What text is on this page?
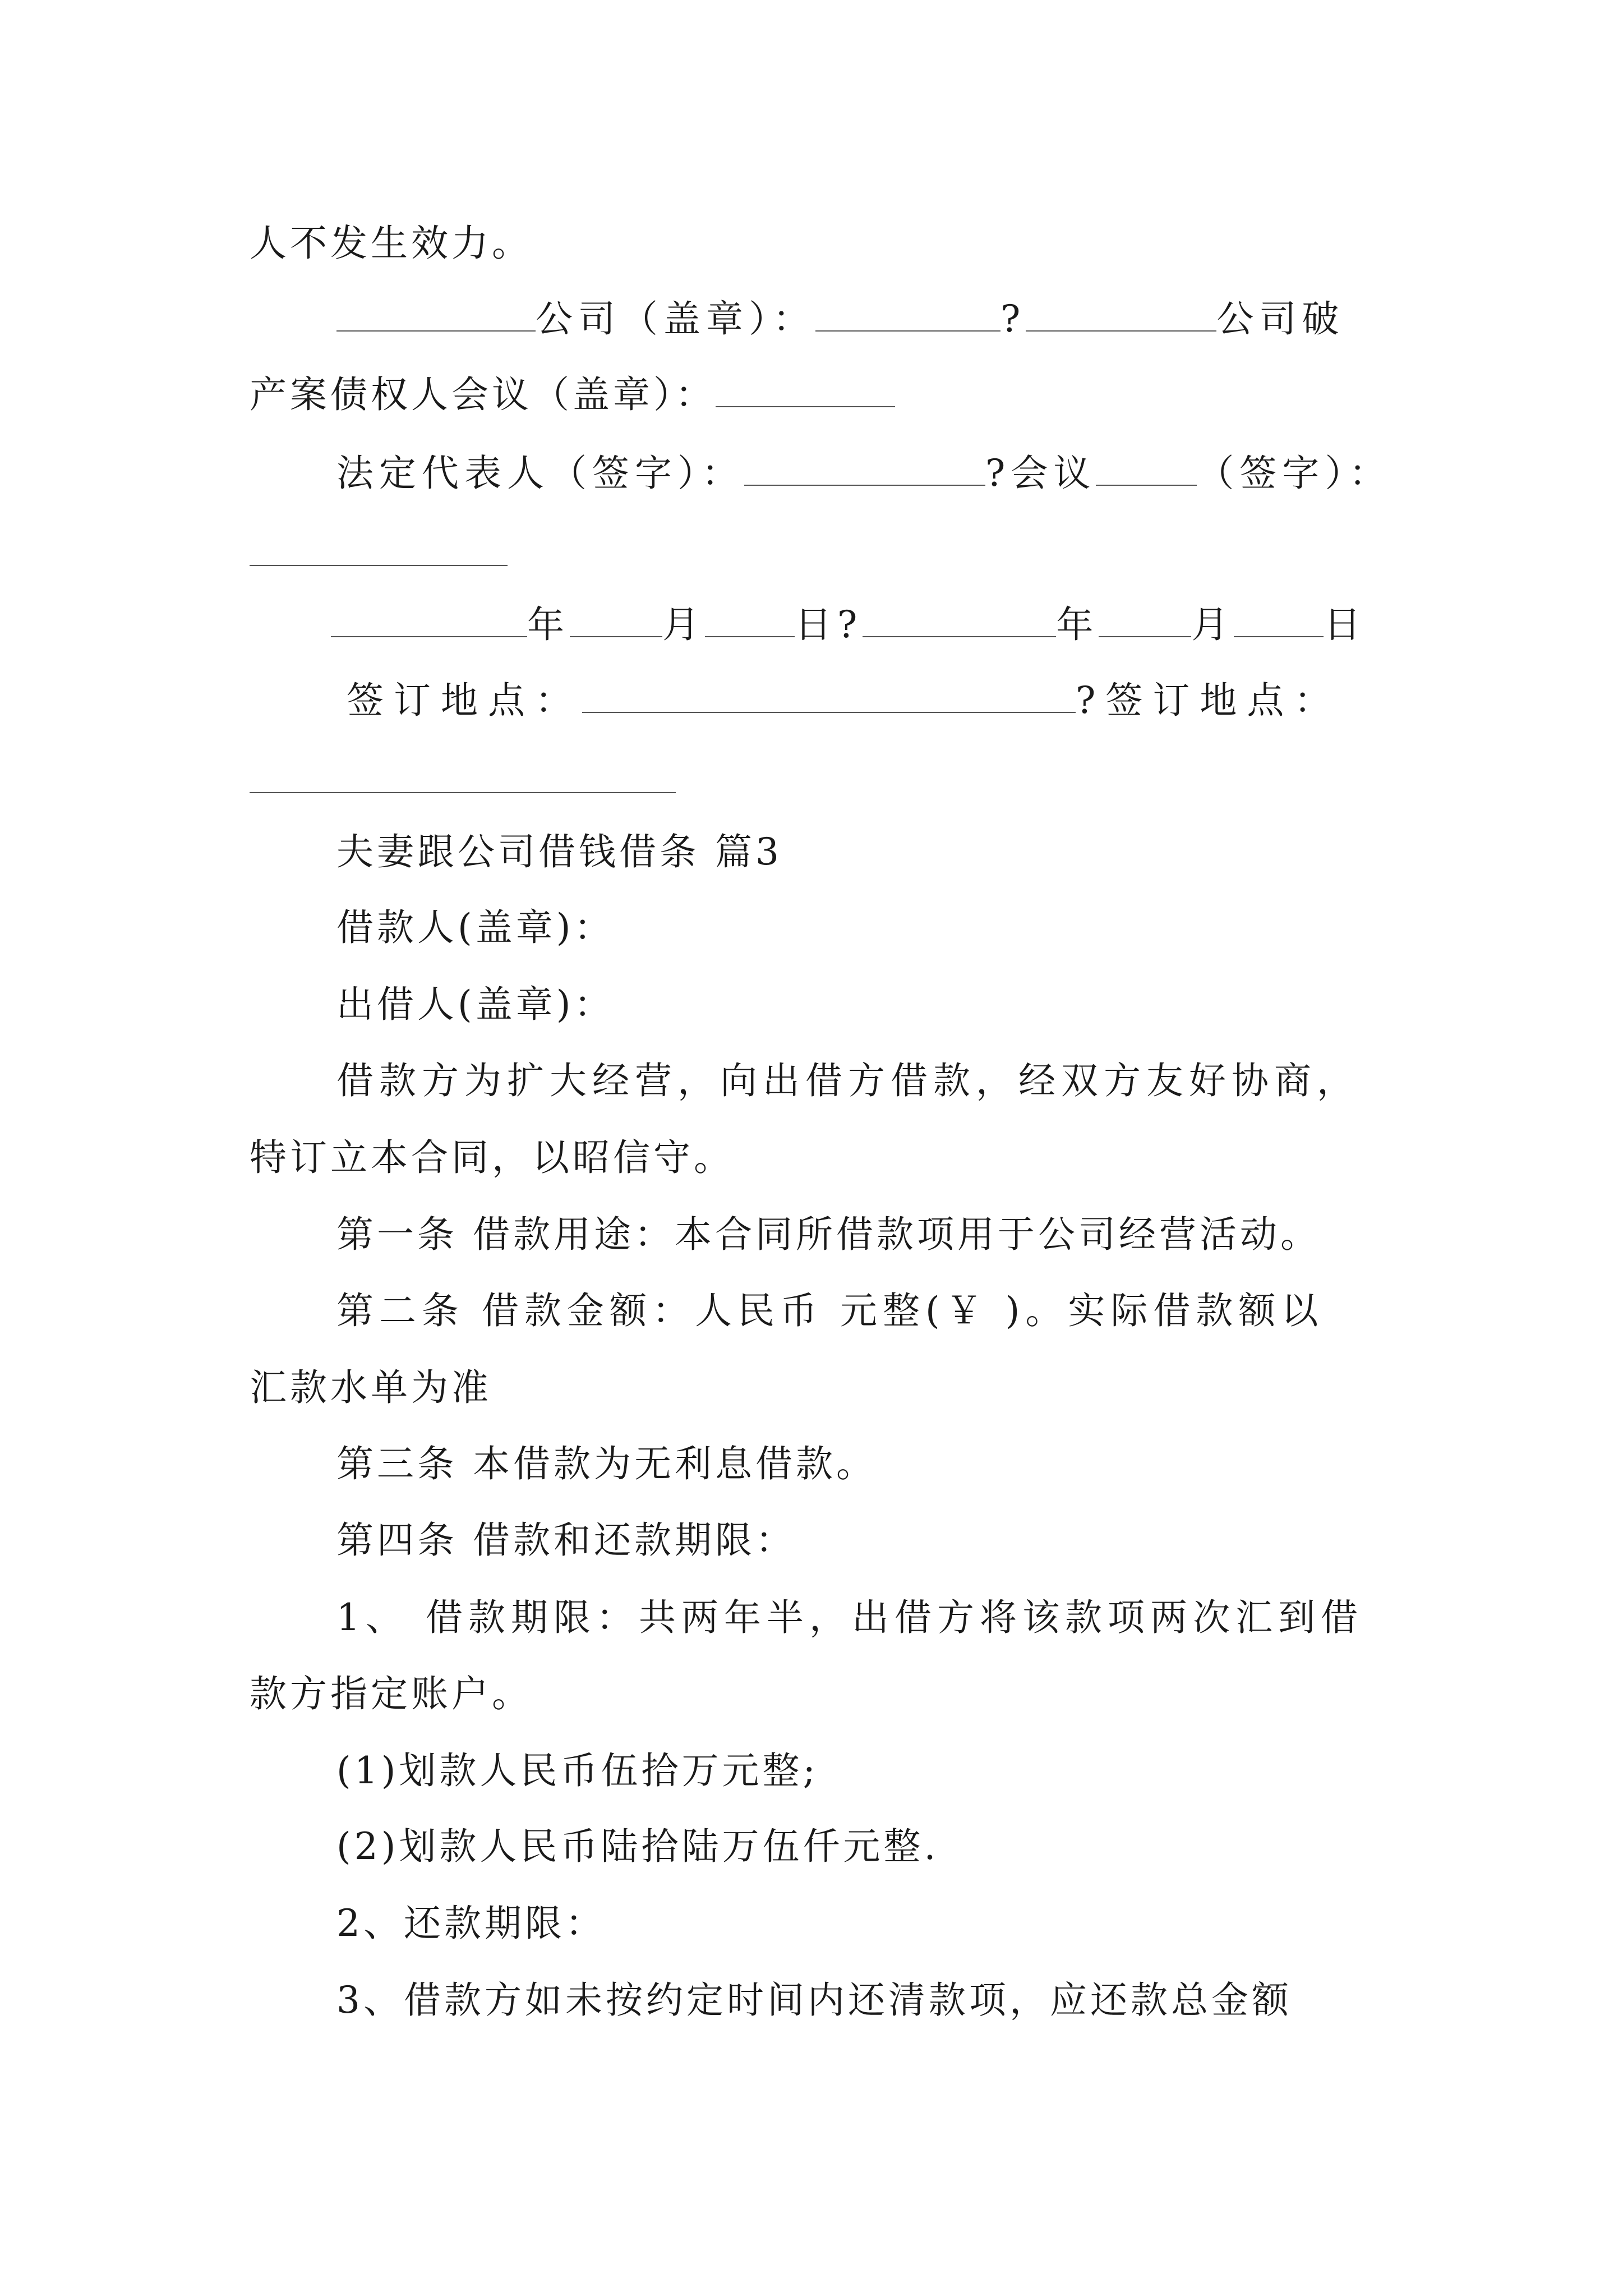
人不发生效力。
公司（盖章）：	?	公司破
产案债权人会议（盖章）：
法定代表人（签字）：	?会议	（签字）：
年	月 日?	年	月 日
签订地点：	?签订地点：
夫妻跟公司借钱借条 篇3
借款人(盖章)：
出借人(盖章)：
借款方为扩大经营，向出借方借款，经双方友好协商，
特订立本合同，以昭信守。
第一条 借款用途：本合同所借款项用于公司经营活动。
第二条 借款金额：人民币 元整(￥ )。实际借款额以
汇款水单为准
第三条 本借款为无利息借款。
第四条 借款和还款期限：
1、 借款期限：共两年半，出借方将该款项两次汇到借
款方指定账户。
(1)划款人民币伍拾万元整;
(2)划款人民币陆拾陆万伍仟元整.
2、还款期限：
3、借款方如未按约定时间内还清款项，应还款总金额
